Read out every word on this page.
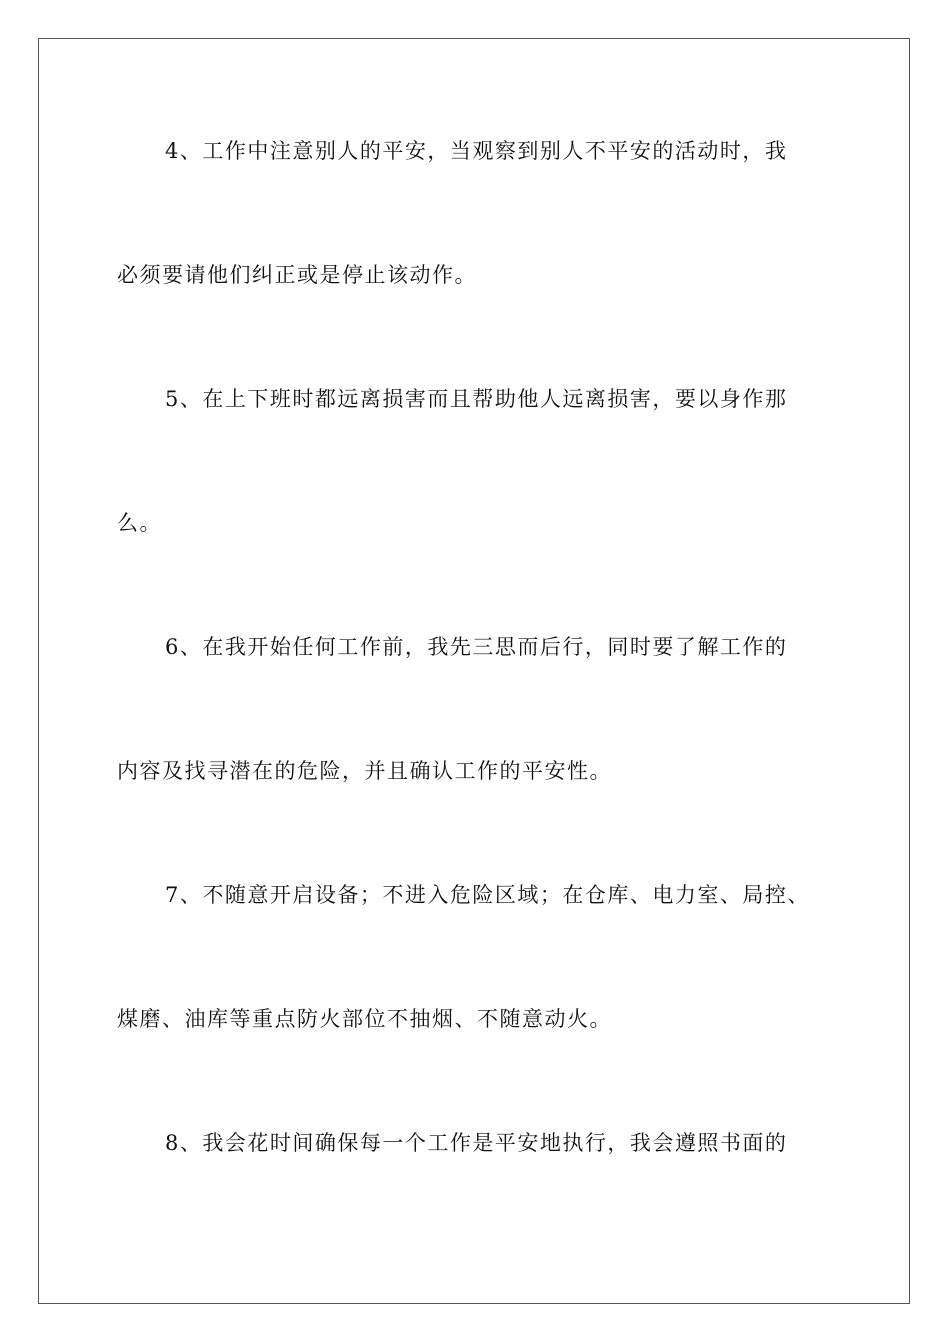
4、工作中注意别人的平安，当观察到别人不平安的活动时，我
必须要请他们纠正或是停止该动作。
5、在上下班时都远离损害而且帮助他人远离损害，要以身作那
么。
6、在我开始任何工作前，我先三思而后行，同时要了解工作的
内容及找寻潜在的危险，并且确认工作的平安性。
7、不随意开启设备；不进入危险区域；在仓库、电力室、局控、
煤磨、油库等重点防火部位不抽烟、不随意动火。
8、我会花时间确保每一个工作是平安地执行，我会遵照书面的
